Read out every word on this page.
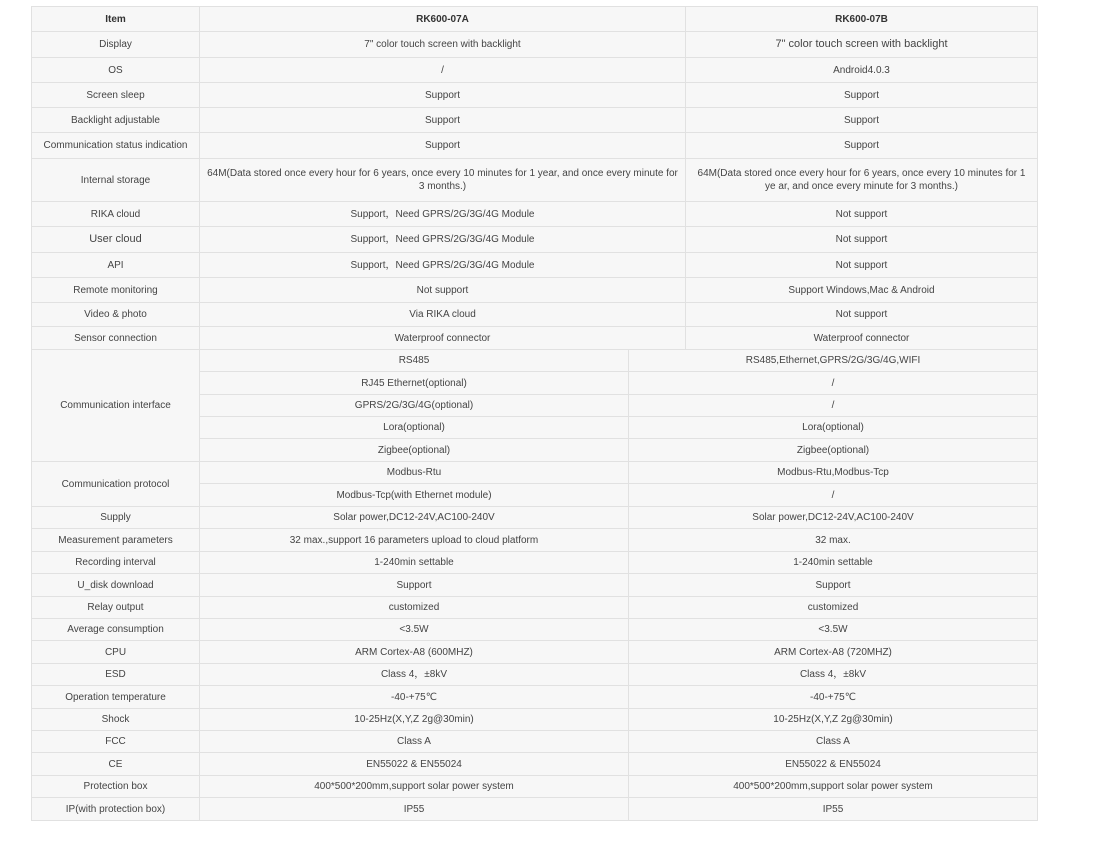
Item	RK600-07A		RK600-07B
Display	7" color touch screen with backlight		7" color touch screen with backlight
OS	/		Android4.0.3
Screen sleep	Support		Support
Backlight adjustable	Support		Support
Communication status indication	Support		Support
Internal storage	64M(Data stored once every hour for 6 years, once every 10 minutes for 1 year, and once every minute for 3 months.)		64M(Data stored once every hour for 6 years, once every 10 minutes for 1 ye ar, and once every minute for 3 months.)
RIKA cloud	Support，Need GPRS/2G/3G/4G Module		Not support
User cloud	Support，Need GPRS/2G/3G/4G Module		Not support
API	Support，Need GPRS/2G/3G/4G Module		Not support
Remote monitoring	Not support		Support Windows,Mac & Android
Video & photo	Via RIKA cloud		Not support
Sensor connection	Waterproof connector		Waterproof connector
Communication interface	RS485	RS485,Ethernet,GPRS/2G/3G/4G,WIFI	
	RJ45 Ethernet(optional)	/	
	GPRS/2G/3G/4G(optional)	/	
	Lora(optional)	Lora(optional)	
	Zigbee(optional)	Zigbee(optional)	
Communication protocol	Modbus-Rtu	Modbus-Rtu,Modbus-Tcp	
	Modbus-Tcp(with Ethernet module)	/	
Supply	Solar power,DC12-24V,AC100-240V	Solar power,DC12-24V,AC100-240V	
Measurement parameters	32 max.,support 16 parameters upload to cloud platform	32 max.	
Recording interval	1-240min settable	1-240min settable	
U_disk download	Support	Support	
Relay output	customized	customized	
Average consumption	<3.5W	<3.5W	
CPU	ARM Cortex-A8 (600MHZ)	ARM Cortex-A8 (720MHZ)	
ESD	Class 4，±8kV	Class 4，±8kV	
Operation temperature	-40-+75℃	-40-+75℃	
Shock	10-25Hz(X,Y,Z 2g@30min)	10-25Hz(X,Y,Z 2g@30min)	
FCC	Class A	Class A	
CE	EN55022 & EN55024	EN55022 & EN55024	
Protection box	400*500*200mm,support solar power system	400*500*200mm,support solar power system	
IP(with protection box)	IP55	IP55	
